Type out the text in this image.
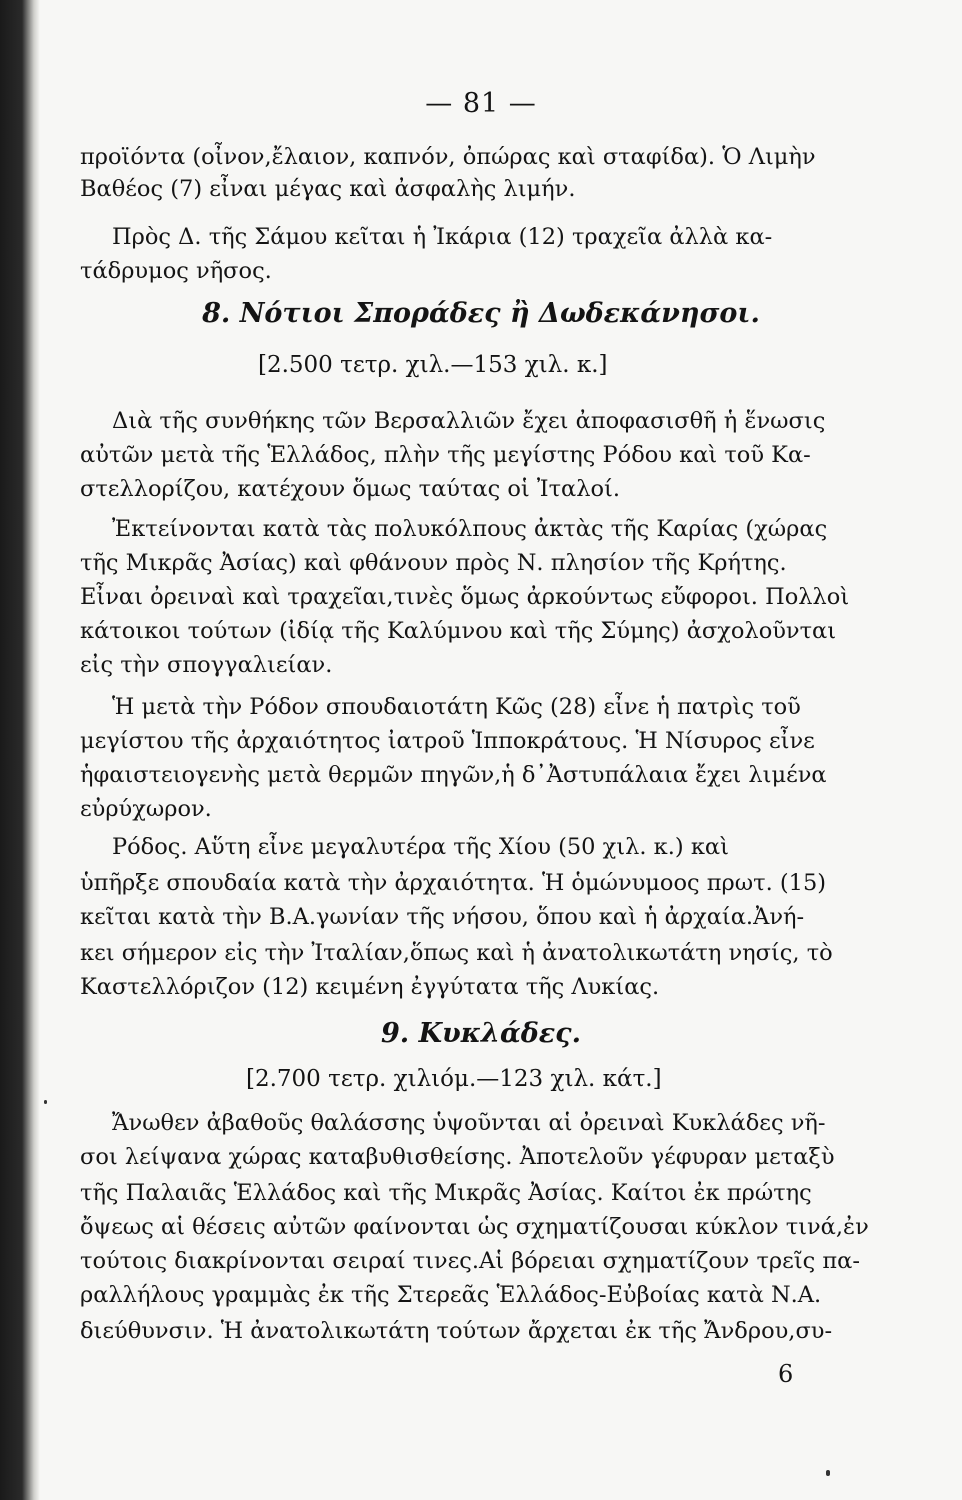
— 81 —
προϊόντα (οἶνον,ἔλαιον, καπνόν, ὀπώρας καὶ σταφίδα). Ὁ Λιμὴν
Βαθέος (7) εἶναι μέγας καὶ ἀσφαλὴς λιμήν.
Πρὸς Δ. τῆς Σάμου κεῖται ἡ Ἰκάρια (12) τραχεῖα ἀλλὰ κα-
τάδρυμος νῆσος.
8. Νότιοι Σποράδες ἢ Δωδεκάνησοι.
[2.500 τετρ. χιλ.—153 χιλ. κ.]
Διὰ τῆς συνθήκης τῶν Βερσαλλιῶν ἔχει ἀποφασισθῆ ἡ ἕνωσις
αὐτῶν μετὰ τῆς Ἑλλάδος, πλὴν τῆς μεγίστης Ρόδου καὶ τοῦ Κα-
στελλορίζου, κατέχουν ὅμως ταύτας οἱ Ἰταλοί.
Ἐκτείνονται κατὰ τὰς πολυκόλπους ἀκτὰς τῆς Καρίας (χώρας
τῆς Μικρᾶς Ἀσίας) καὶ φθάνουν πρὸς Ν. πλησίον τῆς Κρήτης.
Εἶναι ὀρειναὶ καὶ τραχεῖαι,τινὲς ὅμως ἀρκούντως εὔφοροι. Πολλοὶ
κάτοικοι τούτων (ἰδίᾳ τῆς Καλύμνου καὶ τῆς Σύμης) ἀσχολοῦνται
εἰς τὴν σπογγαλιείαν.
Ἡ μετὰ τὴν Ρόδον σπουδαιοτάτη Κῶς (28) εἶνε ἡ πατρὶς τοῦ
μεγίστου τῆς ἀρχαιότητος ἰατροῦ Ἱπποκράτους. Ἡ Νίσυρος εἶνε
ἡφαιστειογενὴς μετὰ θερμῶν πηγῶν,ἡ δ᾽Ἀστυπάλαια ἔχει λιμένα
εὐρύχωρον.
Ρόδος. Αὕτη εἶνε μεγαλυτέρα τῆς Χίου (50 χιλ. κ.) καὶ
ὑπῆρξε σπουδαία κατὰ τὴν ἀρχαιότητα. Ἡ ὁμώνυμοος πρωτ. (15)
κεῖται κατὰ τὴν Β.Α.γωνίαν τῆς νήσου, ὅπου καὶ ἡ ἀρχαία.Ἀνή-
κει σήμερον εἰς τὴν Ἰταλίαν,ὅπως καὶ ἡ ἀνατολικωτάτη νησίς, τὸ
Καστελλόριζον (12) κειμένη ἐγγύτατα τῆς Λυκίας.
9. Κυκλάδες.
[2.700 τετρ. χιλιόμ.—123 χιλ. κάτ.]
Ἄνωθεν ἀβαθοῦς θαλάσσης ὑψοῦνται αἱ ὀρειναὶ Κυκλάδες νῆ-
σοι λείψανα χώρας καταβυθισθείσης. Ἀποτελοῦν γέφυραν μεταξὺ
τῆς Παλαιᾶς Ἑλλάδος καὶ τῆς Μικρᾶς Ἀσίας. Καίτοι ἐκ πρώτης
ὄψεως αἱ θέσεις αὐτῶν φαίνονται ὡς σχηματίζουσαι κύκλον τινά,ἐν
τούτοις διακρίνονται σειραί τινες.Αἱ βόρειαι σχηματίζουν τρεῖς πα-
ραλλήλους γραμμὰς ἐκ τῆς Στερεᾶς Ἑλλάδος-Εὐβοίας κατὰ Ν.Α.
διεύθυνσιν. Ἡ ἀνατολικωτάτη τούτων ἄρχεται ἐκ τῆς Ἄνδρου,συ-
6
